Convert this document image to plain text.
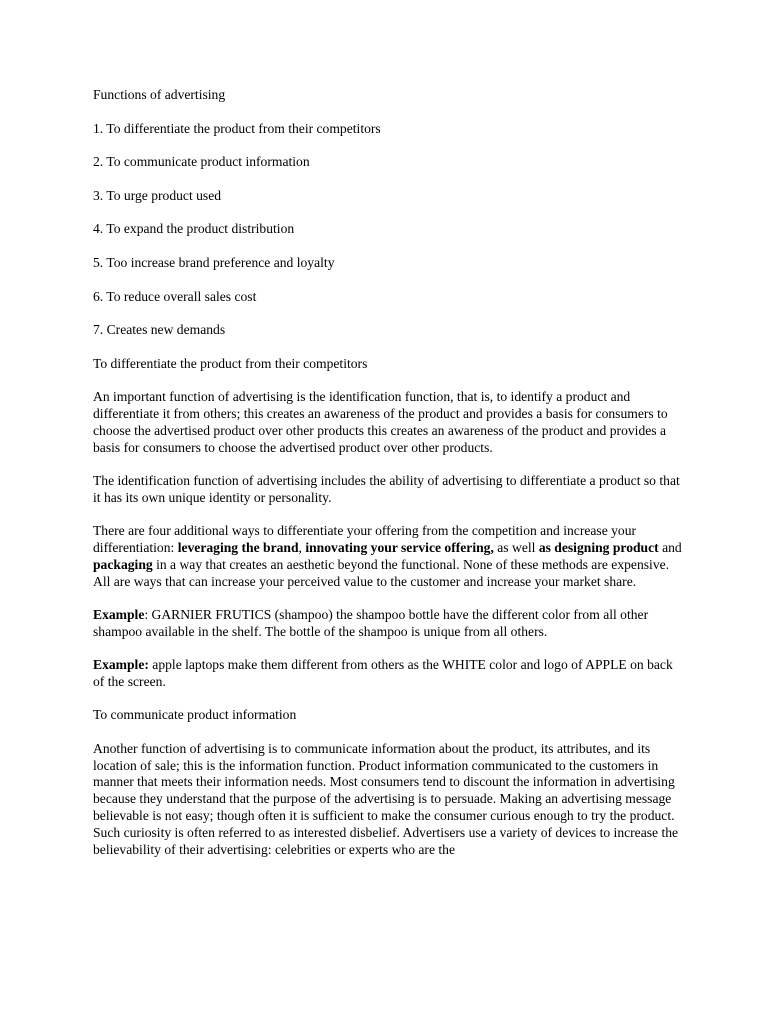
Functions of advertising

1. To differentiate the product from their competitors

2. To communicate product information

3. To urge product used

4. To expand the product distribution

5. Too increase brand preference and loyalty

6. To reduce overall sales cost

7. Creates new demands

To differentiate the product from their competitors

An important function of advertising is the identification function, that is, to identify a product and differentiate it from others; this creates an awareness of the product and provides a basis for consumers to choose the advertised product over other products this creates an awareness of the product and provides a basis for consumers to choose the advertised product over other products.

The identification function of advertising includes the ability of advertising to differentiate a product so that it has its own unique identity or personality.

There are four additional ways to differentiate your offering from the competition and increase your differentiation: leveraging the brand, innovating your service offering, as well as designing product and packaging in a way that creates an aesthetic beyond the functional. None of these methods are expensive. All are ways that can increase your perceived value to the customer and increase your market share.

Example: GARNIER FRUTICS (shampoo) the shampoo bottle have the different color from all other shampoo available in the shelf. The bottle of the shampoo is unique from all others.

Example: apple laptops make them different from others as the WHITE color and logo of APPLE on back of the screen.

To communicate product information

Another function of advertising is to communicate information about the product, its attributes, and its location of sale; this is the information function. Product information communicated to the customers in manner that meets their information needs. Most consumers tend to discount the information in advertising because they understand that the purpose of the advertising is to persuade. Making an advertising message believable is not easy; though often it is sufficient to make the consumer curious enough to try the product. Such curiosity is often referred to as interested disbelief. Advertisers use a variety of devices to increase the believability of their advertising: celebrities or experts who are the
